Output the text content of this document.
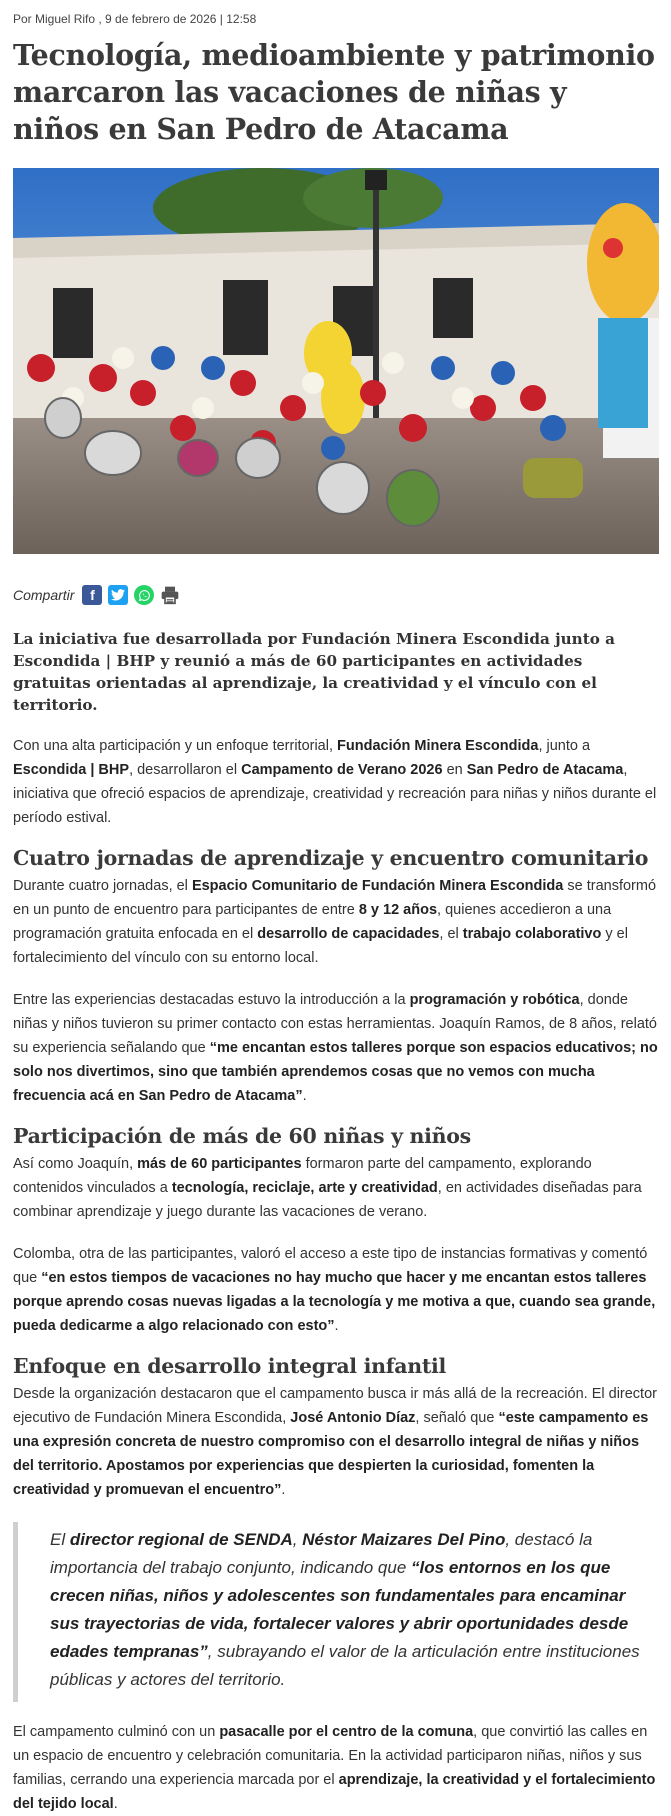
Por Miguel Rifo , 9 de febrero de 2026 | 12:58
Tecnología, medioambiente y patrimonio marcaron las vacaciones de niñas y niños en San Pedro de Atacama
Compartir	f

La iniciativa fue desarrollada por Fundación Minera Escondida junto a Escondida | BHP y reunió a más de 60 participantes en actividades gratuitas orientadas al aprendizaje, la creatividad y el vínculo con el territorio.

Con una alta participación y un enfoque territorial, Fundación Minera Escondida, junto a Escondida | BHP, desarrollaron el Campamento de Verano 2026 en San Pedro de Atacama, iniciativa que ofreció espacios de aprendizaje, creatividad y recreación para niñas y niños durante el período estival.

Cuatro jornadas de aprendizaje y encuentro comunitario

Durante cuatro jornadas, el Espacio Comunitario de Fundación Minera Escondida se transformó en un punto de encuentro para participantes de entre 8 y 12 años, quienes accedieron a una programación gratuita enfocada en el desarrollo de capacidades, el trabajo colaborativo y el fortalecimiento del vínculo con su entorno local.

Entre las experiencias destacadas estuvo la introducción a la programación y robótica, donde niñas y niños tuvieron su primer contacto con estas herramientas. Joaquín Ramos, de 8 años, relató su experiencia señalando que “me encantan estos talleres porque son espacios educativos; no solo nos divertimos, sino que también aprendemos cosas que no vemos con mucha frecuencia acá en San Pedro de Atacama”.

Participación de más de 60 niñas y niños

Así como Joaquín, más de 60 participantes formaron parte del campamento, explorando contenidos vinculados a tecnología, reciclaje, arte y creatividad, en actividades diseñadas para combinar aprendizaje y juego durante las vacaciones de verano.

Colomba, otra de las participantes, valoró el acceso a este tipo de instancias formativas y comentó que “en estos tiempos de vacaciones no hay mucho que hacer y me encantan estos talleres porque aprendo cosas nuevas ligadas a la tecnología y me motiva a que, cuando sea grande, pueda dedicarme a algo relacionado con esto”.

Enfoque en desarrollo integral infantil

Desde la organización destacaron que el campamento busca ir más allá de la recreación. El director ejecutivo de Fundación Minera Escondida, José Antonio Díaz, señaló que “este campamento es una expresión concreta de nuestro compromiso con el desarrollo integral de niñas y niños del territorio. Apostamos por experiencias que despierten la curiosidad, fomenten la creatividad y promuevan el encuentro”.

El director regional de SENDA, Néstor Maizares Del Pino, destacó la importancia del trabajo conjunto, indicando que “los entornos en los que crecen niñas, niños y adolescentes son fundamentales para encaminar sus trayectorias de vida, fortalecer valores y abrir oportunidades desde edades tempranas”, subrayando el valor de la articulación entre instituciones públicas y actores del territorio.

El campamento culminó con un pasacalle por el centro de la comuna, que convirtió las calles en un espacio de encuentro y celebración comunitaria. En la actividad participaron niñas, niños y sus familias, cerrando una experiencia marcada por el aprendizaje, la creatividad y el fortalecimiento del tejido local.
